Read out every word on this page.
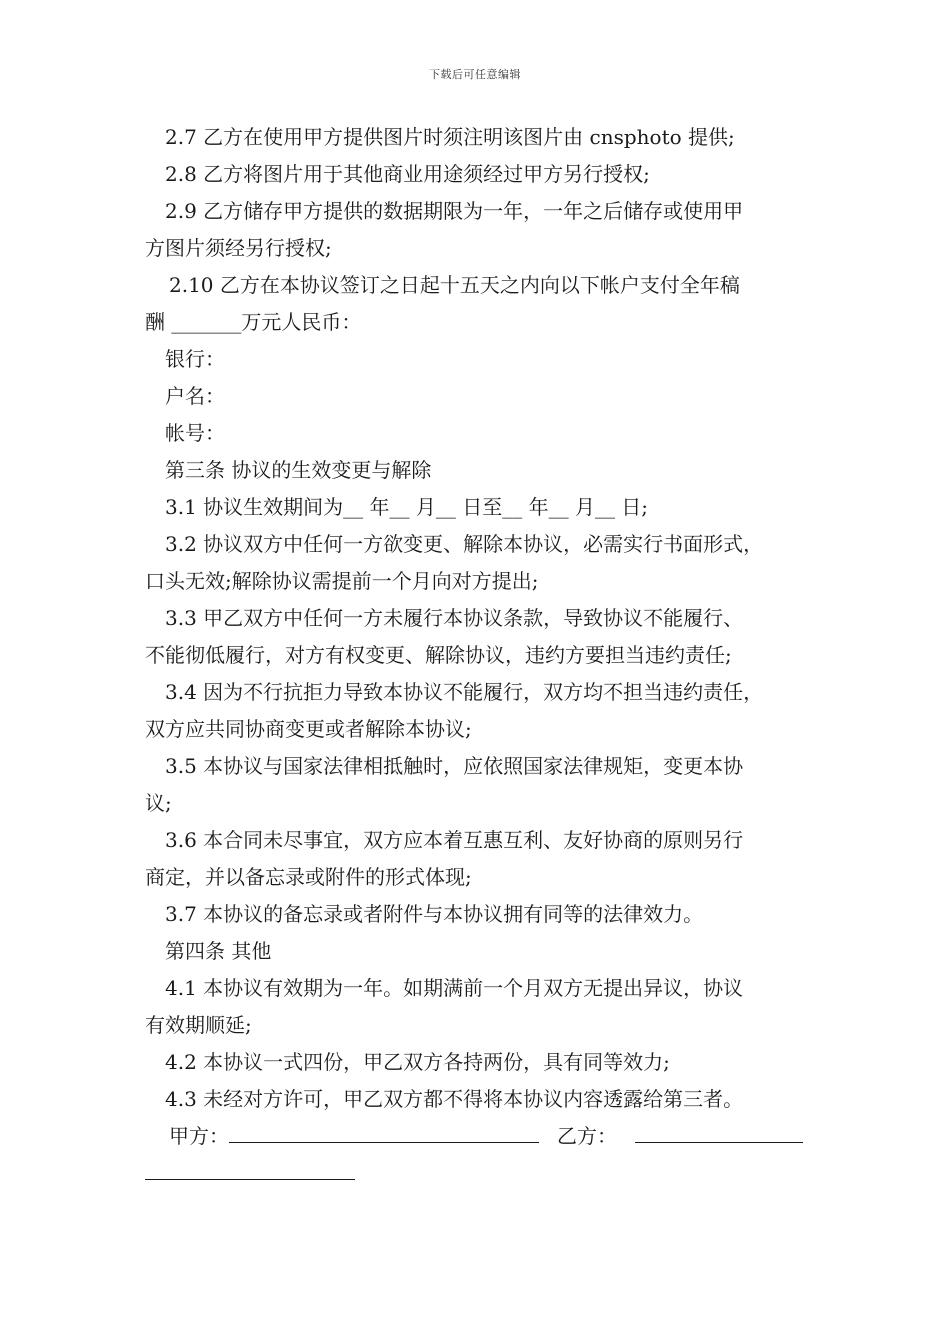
下载后可任意编辑
2.7 乙方在使用甲方提供图片时须注明该图片由 cnsphoto 提供;
2.8 乙方将图片用于其他商业用途须经过甲方另行授权;
2.9 乙方储存甲方提供的数据期限为一年，一年之后储存或使用甲
方图片须经另行授权;
2.10 乙方在本协议签订之日起十五天之内向以下帐户支付全年稿
酬 _______万元人民币：
银行：
户名：
帐号：
第三条 协议的生效变更与解除
3.1 协议生效期间为__ 年__ 月__ 日至__ 年__ 月__ 日;
3.2 协议双方中任何一方欲变更、解除本协议，必需实行书面形式，
口头无效;解除协议需提前一个月向对方提出;
3.3 甲乙双方中任何一方未履行本协议条款，导致协议不能履行、
不能彻低履行，对方有权变更、解除协议，违约方要担当违约责任;
3.4 因为不行抗拒力导致本协议不能履行，双方均不担当违约责任，
双方应共同协商变更或者解除本协议;
3.5 本协议与国家法律相抵触时，应依照国家法律规矩，变更本协
议;
3.6 本合同未尽事宜，双方应本着互惠互利、友好协商的原则另行
商定，并以备忘录或附件的形式体现;
3.7 本协议的备忘录或者附件与本协议拥有同等的法律效力。
第四条 其他
4.1 本协议有效期为一年。如期满前一个月双方无提出异议，协议
有效期顺延;
4.2 本协议一式四份，甲乙双方各持两份，具有同等效力;
4.3 未经对方许可，甲乙双方都不得将本协议内容透露给第三者。
甲方：	乙方：
